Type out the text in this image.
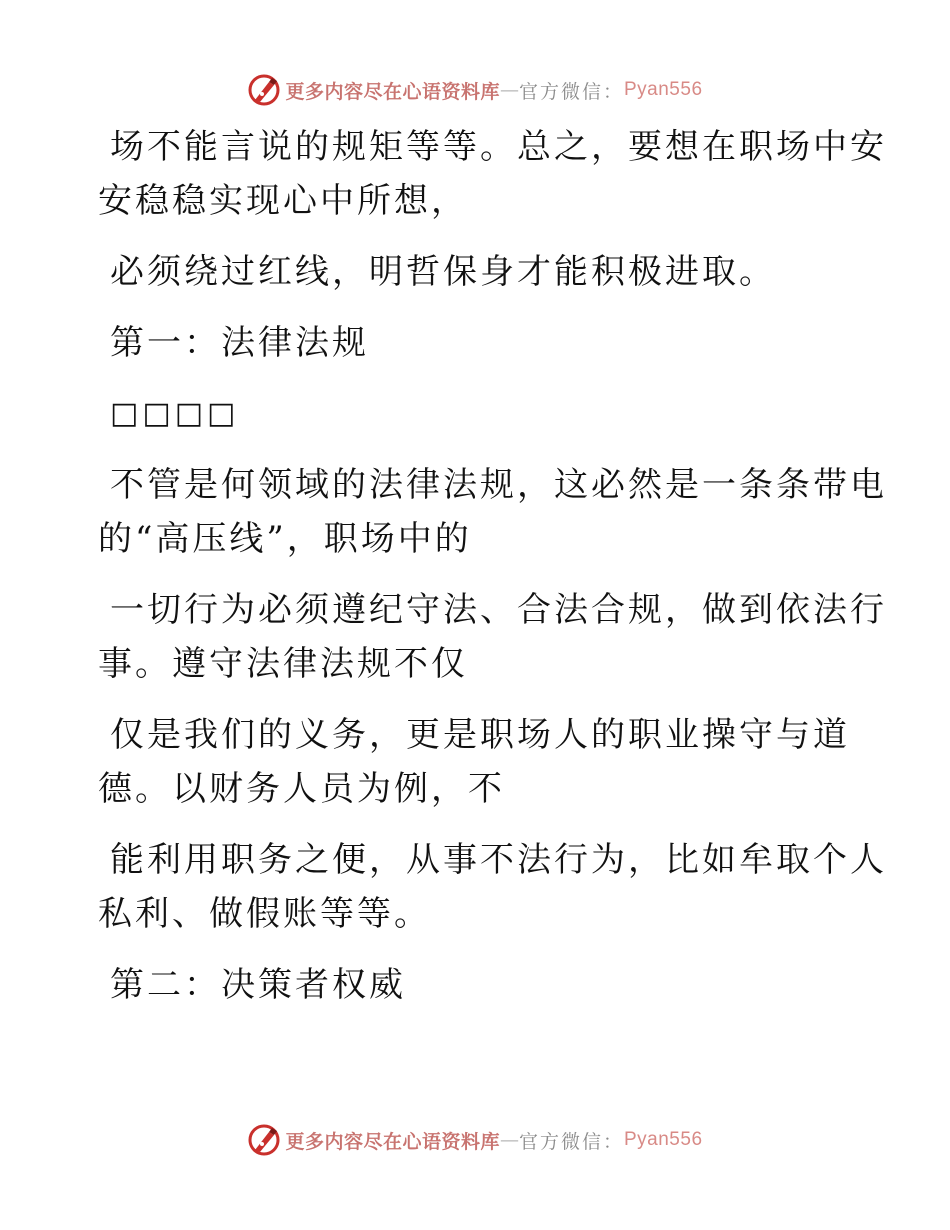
更多内容尽在心语资料库 — 官方微信： Pyan556

场不能言说的规矩等等。总之，要想在职场中安
安稳稳实现心中所想，

必须绕过红线，明哲保身才能积极进取。

第一：法律法规

□□□□

不管是何领域的法律法规，这必然是一条条带电
的“高压线”，职场中的

一切行为必须遵纪守法、合法合规，做到依法行
事。遵守法律法规不仅

仅是我们的义务，更是职场人的职业操守与道
德。以财务人员为例，不

能利用职务之便，从事不法行为，比如牟取个人
私利、做假账等等。

第二：决策者权威

更多内容尽在心语资料库 — 官方微信： Pyan556
